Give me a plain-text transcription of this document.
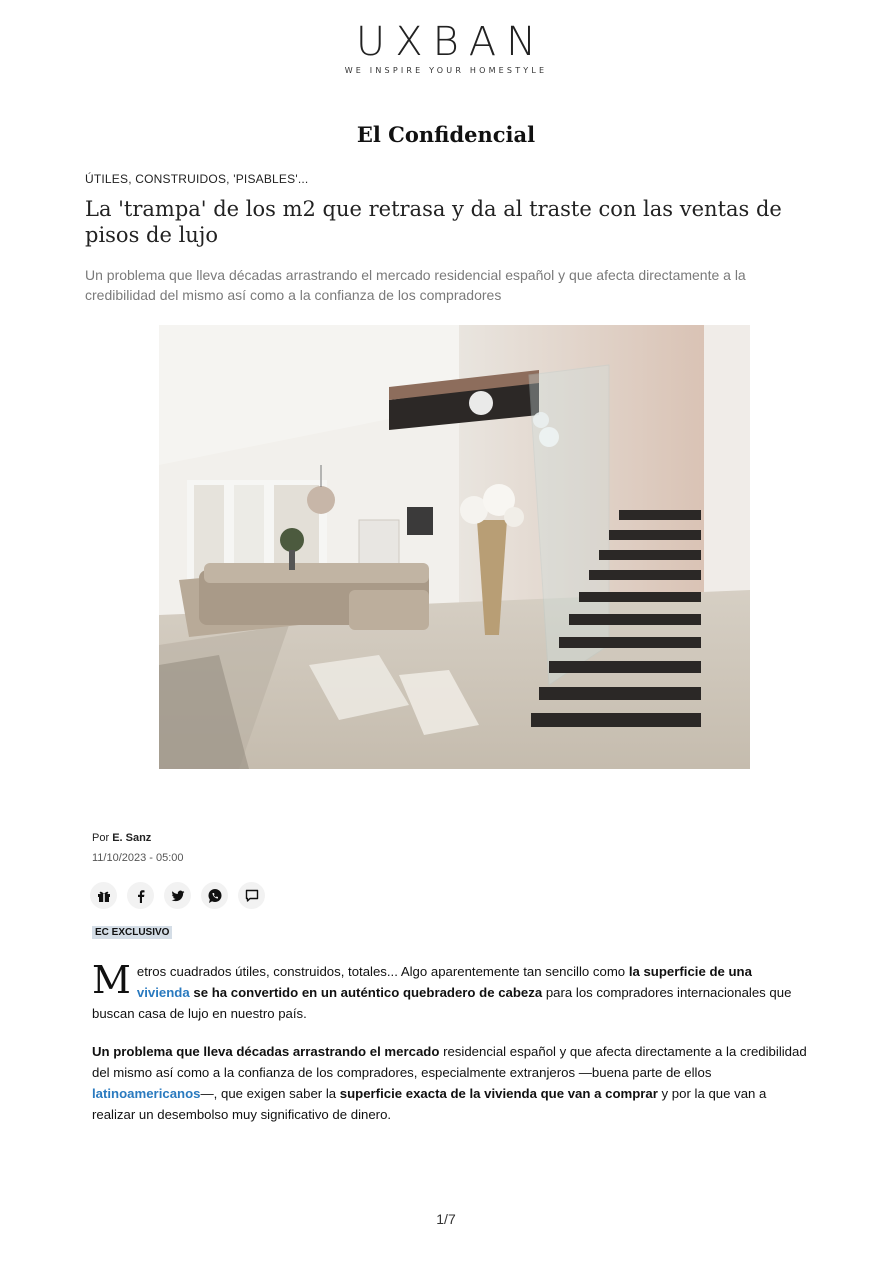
UXBAN
WE INSPIRE YOUR HOMESTYLE
El Confidencial
ÚTILES, CONSTRUIDOS, 'PISABLES'...
La 'trampa' de los m2 que retrasa y da al traste con las ventas de pisos de lujo
Un problema que lleva décadas arrastrando el mercado residencial español y que afecta directamente a la credibilidad del mismo así como a la confianza de los compradores
Por E. Sanz
11/10/2023 - 05:00
EC EXCLUSIVO
Metros cuadrados útiles, construidos, totales... Algo aparentemente tan sencillo como la superficie de una vivienda se ha convertido en un auténtico quebradero de cabeza para los compradores internacionales que buscan casa de lujo en nuestro país.
Un problema que lleva décadas arrastrando el mercado residencial español y que afecta directamente a la credibilidad del mismo así como a la confianza de los compradores, especialmente extranjeros —buena parte de ellos latinoamericanos—, que exigen saber la superficie exacta de la vivienda que van a comprar y por la que van a realizar un desembolso muy significativo de dinero.
1/7
